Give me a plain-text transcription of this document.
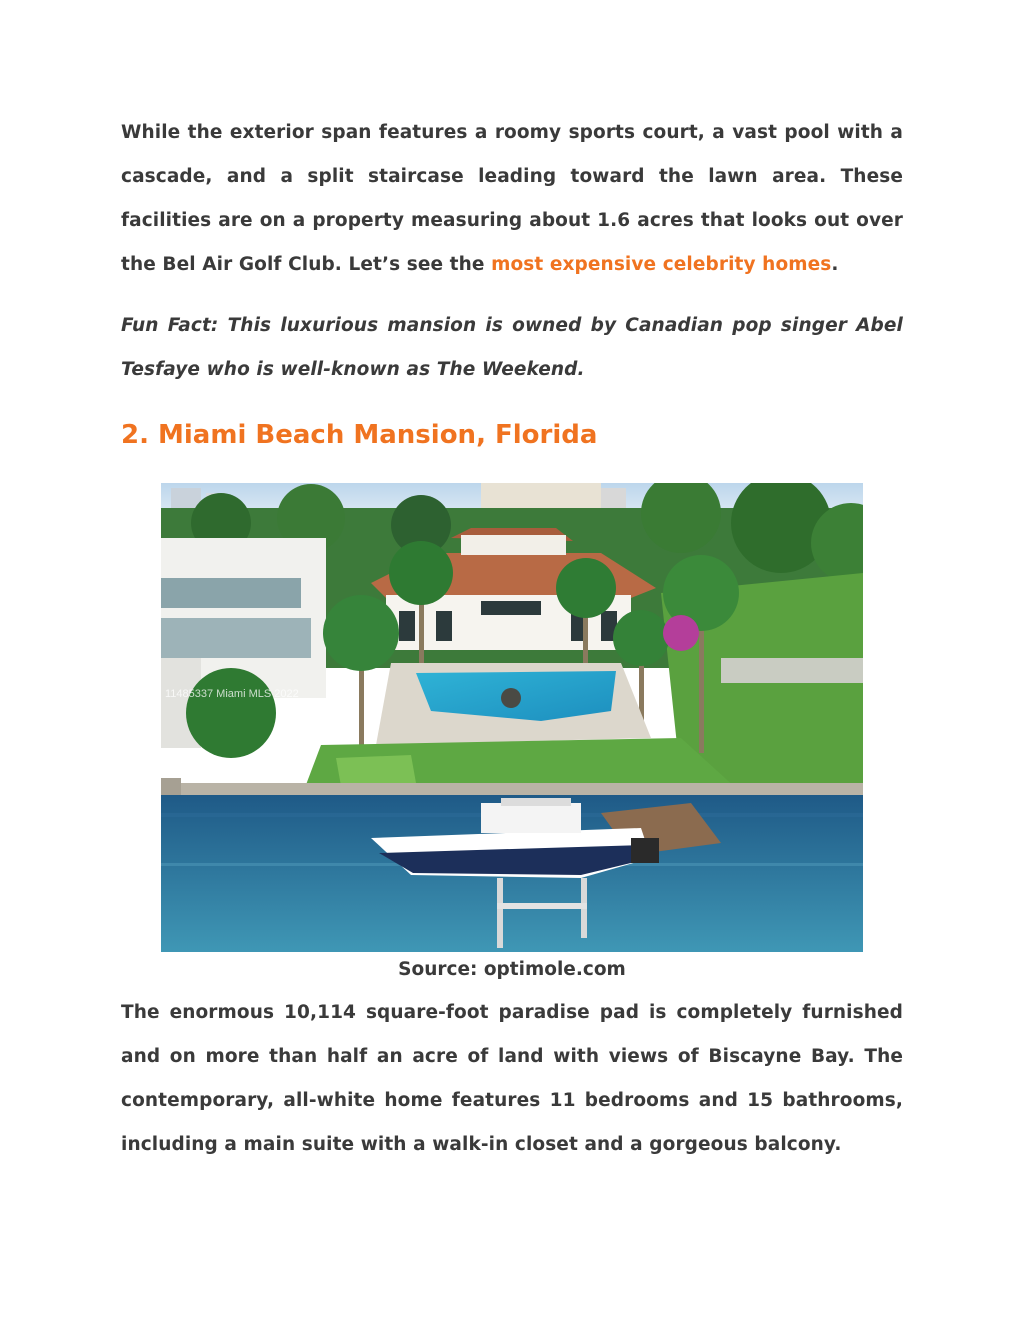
While the exterior span features a roomy sports court, a vast pool with a cascade, and a split staircase leading toward the lawn area. These facilities are on a property measuring about 1.6 acres that looks out over the Bel Air Golf Club. Let’s see the most expensive celebrity homes.

Fun Fact: This luxurious mansion is owned by Canadian pop singer Abel Tesfaye who is well-known as The Weekend.

2. Miami Beach Mansion, Florida
11485337 Miami MLS 2022

Source: optimole.com

The enormous 10,114 square-foot paradise pad is completely furnished and on more than half an acre of land with views of Biscayne Bay. The contemporary, all-white home features 11 bedrooms and 15 bathrooms, including a main suite with a walk-in closet and a gorgeous balcony.
